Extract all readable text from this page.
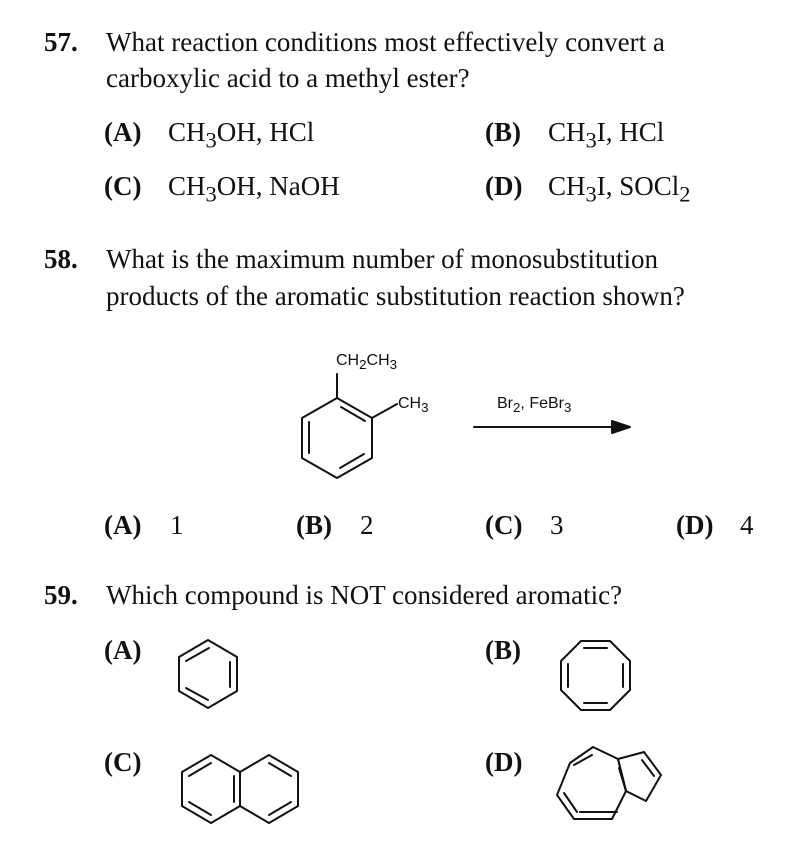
57. What reaction conditions most effectively convert a
carboxylic acid to a methyl ester?
(A) $CH_3OH$, HCl	(B) $CH_3I$, HCl
(C) $CH_3OH$, NaOH	(D) $CH_3I$, SOCl$_2$
58. What is the maximum number of monosubstitution
products of the aromatic substitution reaction shown?
$CH_2CH_3$
$CH_3$	$Br_2$, FeBr$_3$
(A) 1	(B) 2	(C) 3	(D) 4
59. Which compound is NOT considered aromatic?
(A)	(B)
(C)	(D)
